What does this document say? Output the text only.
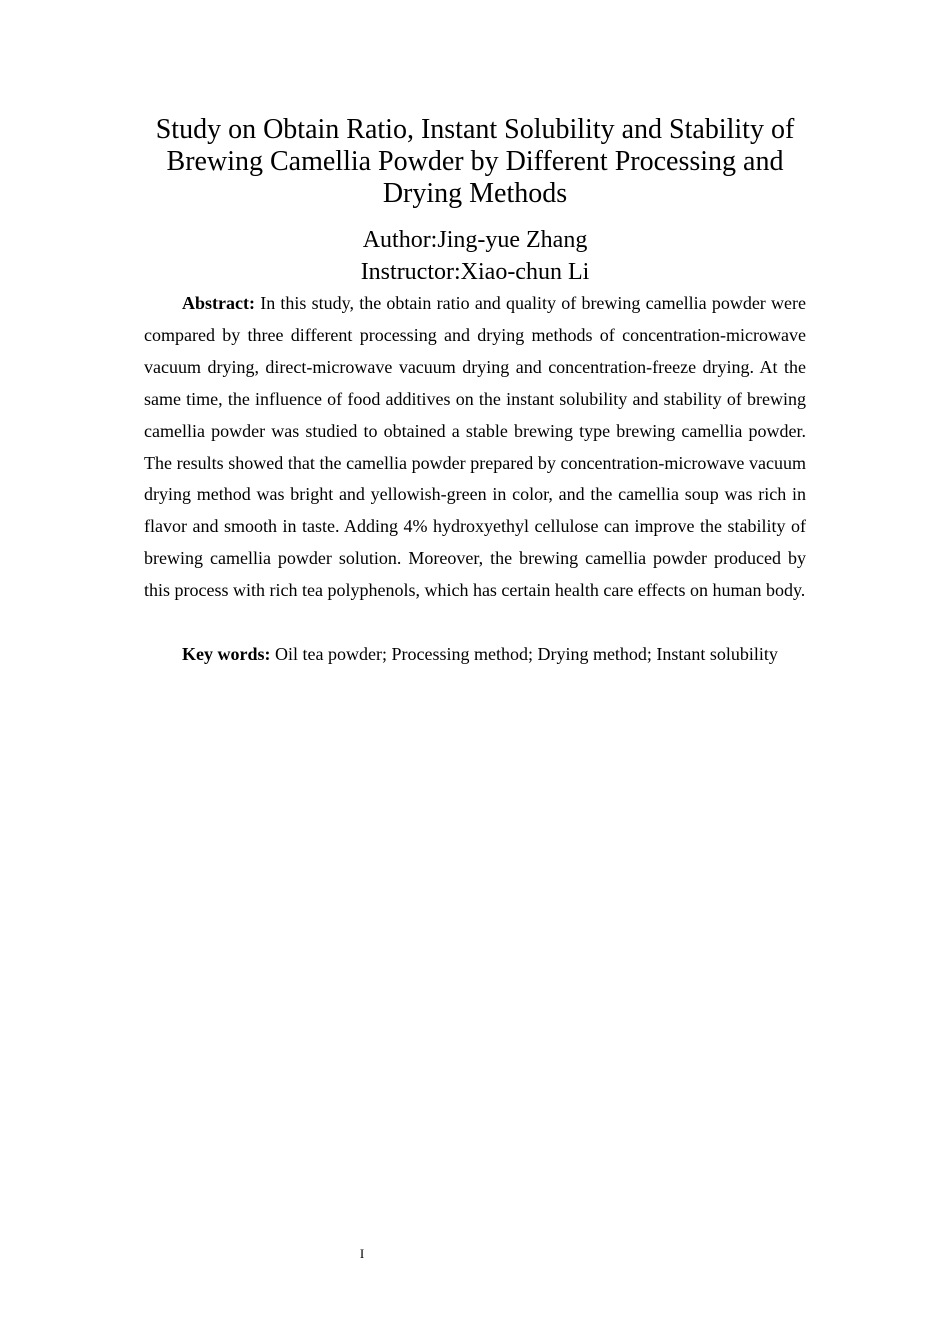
Study on Obtain Ratio, Instant Solubility and Stability of Brewing Camellia Powder by Different Processing and Drying Methods

Author:Jing-yue Zhang

Instructor:Xiao-chun Li

Abstract: In this study, the obtain ratio and quality of brewing camellia powder were compared by three different processing and drying methods of concentration-microwave vacuum drying, direct-microwave vacuum drying and concentration-freeze drying. At the same time, the influence of food additives on the instant solubility and stability of brewing camellia powder was studied to obtained a stable brewing type brewing camellia powder. The results showed that the camellia powder prepared by concentration-microwave vacuum drying method was bright and yellowish-green in color, and the camellia soup was rich in flavor and smooth in taste. Adding 4% hydroxyethyl cellulose can improve the stability of brewing camellia powder solution. Moreover, the brewing camellia powder produced by this process with rich tea polyphenols, which has certain health care effects on human body.

Key words: Oil tea powder; Processing method; Drying method; Instant solubility

I
